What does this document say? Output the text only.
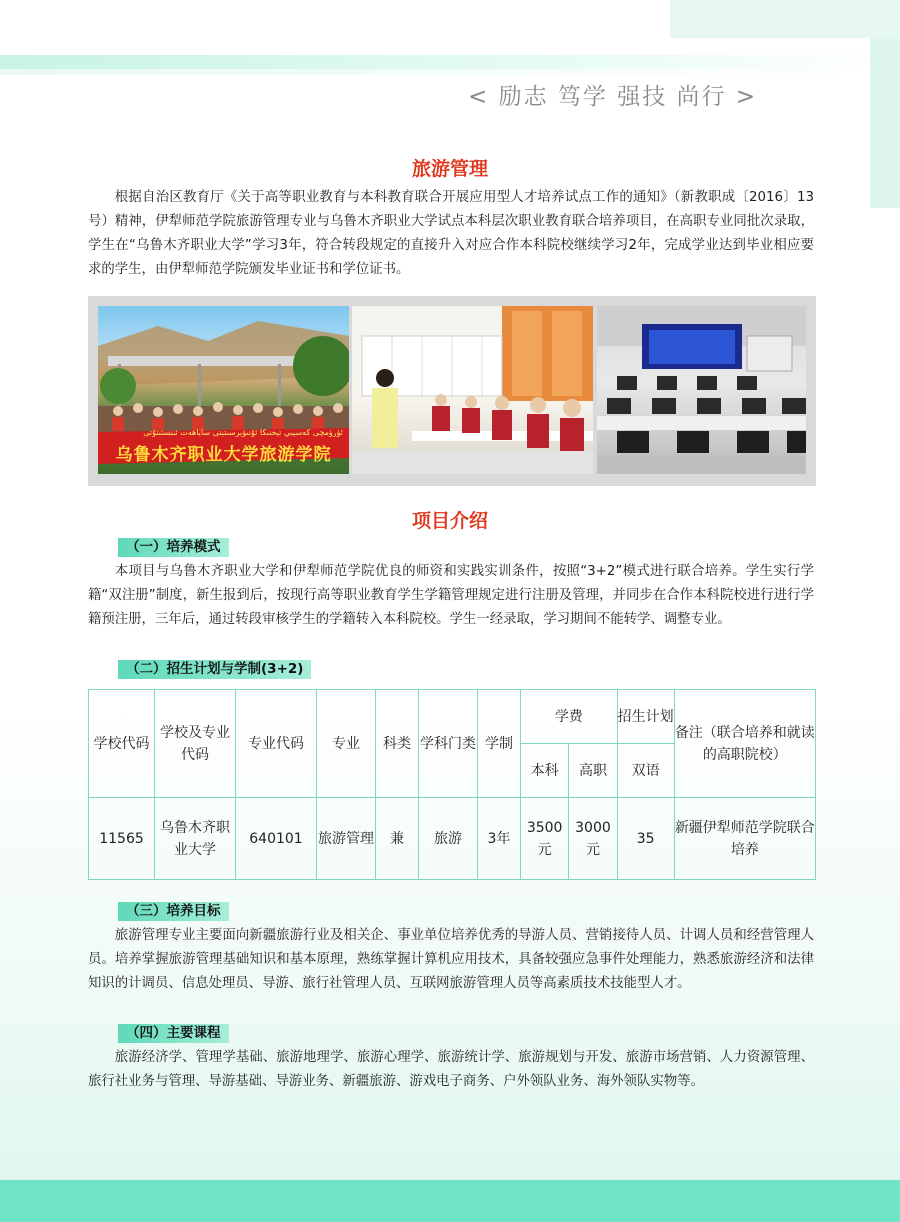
< 励志 笃学 强技 尚行 >
旅游管理

根据自治区教育厅《关于高等职业教育与本科教育联合开展应用型人才培养试点工作的通知》（新教职成〔2016〕13号）精神，伊犁师范学院旅游管理专业与乌鲁木齐职业大学试点本科层次职业教育联合培养项目，在高职专业同批次录取，学生在“乌鲁木齐职业大学”学习3年，符合转段规定的直接升入对应合作本科院校继续学习2年，完成学业达到毕业相应要求的学生，由伊犁师范学院颁发毕业证书和学位证书。

ئۈرۈمچى كەسپىي تېخنىكا ئۇنىۋېرسىتېتى ساياھەت ئىنستىتۇتى
乌鲁木齐职业大学旅游学院
项目介绍
（一）培养模式

本项目与乌鲁木齐职业大学和伊犁师范学院优良的师资和实践实训条件，按照“3+2”模式进行联合培养。学生实行学籍“双注册”制度，新生报到后，按现行高等职业教育学生学籍管理规定进行注册及管理，并同步在合作本科院校进行进行学籍预注册，三年后，通过转段审核学生的学籍转入本科院校。学生一经录取，学习期间不能转学、调整专业。

（二）招生计划与学制(3+2)
学校代码	学校及专业代码	专业代码	专业	科类	学科门类	学制	学费		招生计划	备注（联合培养和就读的高职院校）
							本科	高职	双语	
11565	乌鲁木齐职业大学	640101	旅游管理	兼	旅游	3年	3500元	3000元	35	新疆伊犁师范学院联合培养
（三）培养目标

旅游管理专业主要面向新疆旅游行业及相关企、事业单位培养优秀的导游人员、营销接待人员、计调人员和经营管理人员。培养掌握旅游管理基础知识和基本原理，熟练掌握计算机应用技术，具备较强应急事件处理能力，熟悉旅游经济和法律知识的计调员、信息处理员、导游、旅行社管理人员、互联网旅游管理人员等高素质技术技能型人才。

（四）主要课程

旅游经济学、管理学基础、旅游地理学、旅游心理学、旅游统计学、旅游规划与开发、旅游市场营销、人力资源管理、旅行社业务与管理、导游基础、导游业务、新疆旅游、游戏电子商务、户外领队业务、海外领队实物等。
